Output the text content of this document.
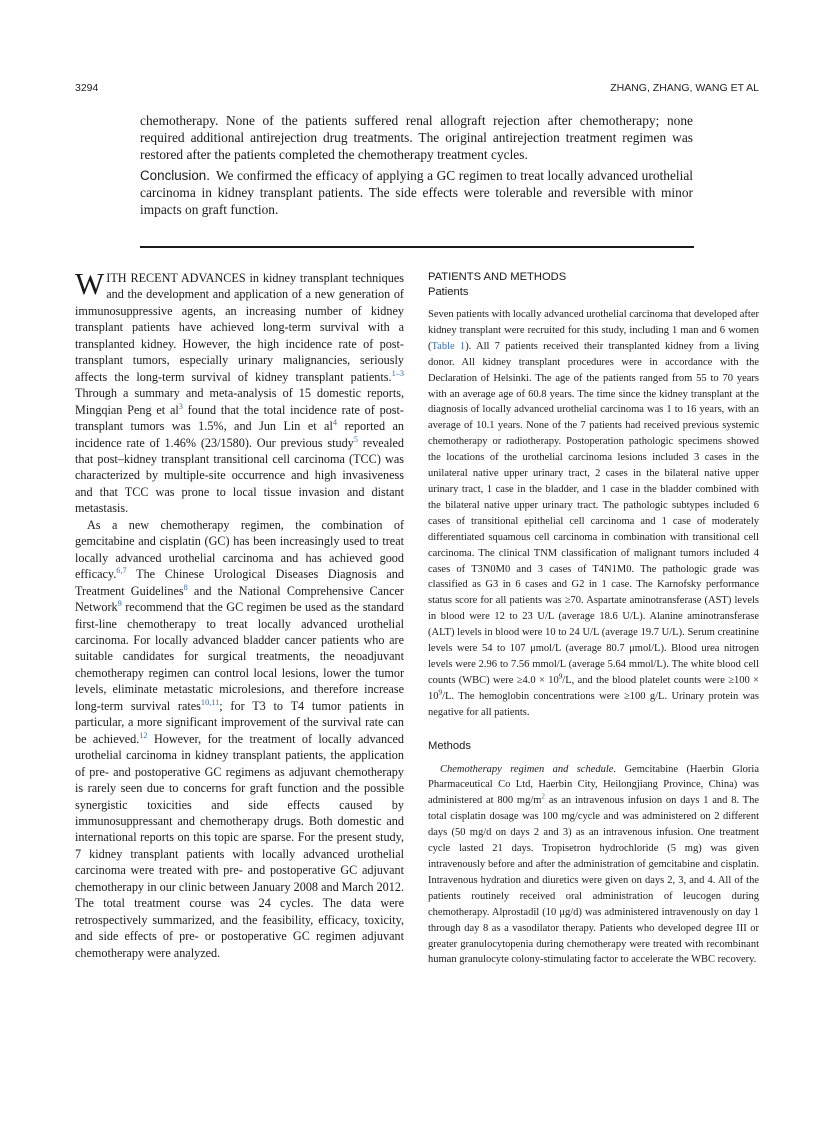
3294	ZHANG, ZHANG, WANG ET AL

chemotherapy. None of the patients suffered renal allograft rejection after chemotherapy; none required additional antirejection drug treatments. The original antirejection treatment regimen was restored after the patients completed the chemotherapy treatment cycles.

Conclusion. We confirmed the efficacy of applying a GC regimen to treat locally advanced urothelial carcinoma in kidney transplant patients. The side effects were tolerable and reversible with minor impacts on graft function.

WITH RECENT ADVANCES in kidney transplant techniques and the development and application of a new generation of immunosuppressive agents, an increasing number of kidney transplant patients have achieved long-term survival with a transplanted kidney. However, the high incidence rate of post-transplant tumors, especially urinary malignancies, seriously affects the long-term survival of kidney transplant patients.$^{1-3}$ Through a summary and meta-analysis of 15 domestic reports, Mingqian Peng et $al^3$ found that the total incidence rate of post-transplant tumors was 1.5%, and Jun Lin et $al^4$ reported an incidence rate of 1.46% (23/1580). Our previous study$^5$ revealed that post–kidney transplant transitional cell carcinoma (TCC) was characterized by multiple-site occurrence and high invasiveness and that TCC was prone to local tissue invasion and distant metastasis.

As a new chemotherapy regimen, the combination of gemcitabine and cisplatin (GC) has been increasingly used to treat locally advanced urothelial carcinoma and has achieved good efficacy.$^{6,7}$ The Chinese Urological Diseases Diagnosis and Treatment Guidelines$^8$ and the National Comprehensive Cancer Network$^9$ recommend that the GC regimen be used as the standard first-line chemotherapy to treat locally advanced urothelial carcinoma. For locally advanced bladder cancer patients who are suitable candidates for surgical treatments, the neoadjuvant chemotherapy regimen can control local lesions, lower the tumor levels, eliminate metastatic microlesions, and therefore increase long-term survival rates$^{10,11}$; for T3 to T4 tumor patients in particular, a more significant improvement of the survival rate can be achieved.$^{12}$ However, for the treatment of locally advanced urothelial carcinoma in kidney transplant patients, the application of pre- and postoperative GC regimens as adjuvant chemotherapy is rarely seen due to concerns for graft function and the possible synergistic toxicities and side effects caused by immunosuppressant and chemotherapy drugs. Both domestic and international reports on this topic are sparse. For the present study, 7 kidney transplant patients with locally advanced urothelial carcinoma were treated with pre- and postoperative GC adjuvant chemotherapy in our clinic between January 2008 and March 2012. The total treatment course was 24 cycles. The data were retrospectively summarized, and the feasibility, efficacy, toxicity, and side effects of pre- or postoperative GC regimen adjuvant chemotherapy were analyzed.

PATIENTS AND METHODS
Patients

Seven patients with locally advanced urothelial carcinoma that developed after kidney transplant were recruited for this study, including 1 man and 6 women (Table 1). All 7 patients received their transplanted kidney from a living donor. All kidney transplant procedures were in accordance with the Declaration of Helsinki. The age of the patients ranged from 55 to 70 years with an average age of 60.8 years. The time since the kidney transplant at the diagnosis of locally advanced urothelial carcinoma was 1 to 16 years, with an average of 10.1 years. None of the 7 patients had received previous systemic chemotherapy or radiotherapy. Postoperation pathologic specimens showed the locations of the urothelial carcinoma lesions included 3 cases in the unilateral native upper urinary tract, 2 cases in the bilateral native upper urinary tract, 1 case in the bladder, and 1 case in the bladder combined with the bilateral native upper urinary tract. The pathologic subtypes included 6 cases of transitional epithelial cell carcinoma and 1 case of moderately differentiated squamous cell carcinoma in combination with transitional cell carcinoma. The clinical TNM classification of malignant tumors included 4 cases of T3N0M0 and 3 cases of T4N1M0. The pathologic grade was classified as G3 in 6 cases and G2 in 1 case. The Karnofsky performance status score for all patients was ≥70. Aspartate aminotransferase (AST) levels in blood were 12 to 23 U/L (average 18.6 U/L). Alanine aminotransferase (ALT) levels in blood were 10 to 24 U/L (average 19.7 U/L). Serum creatinine levels were 54 to 107 μmol/L (average 80.7 μmol/L). Blood urea nitrogen levels were 2.96 to 7.56 mmol/L (average 5.64 mmol/L). The white blood cell counts (WBC) were $\ge 4.0 \times 10^9/L$, and the blood platelet counts were $\ge 100 \times 10^9/L$. The hemoglobin concentrations were ≥100 g/L. Urinary protein was negative for all patients.

Methods

Chemotherapy regimen and schedule. Gemcitabine (Haerbin Gloria Pharmaceutical Co Ltd, Haerbin City, Heilongjiang Province, China) was administered at 800 $mg/m^2$ as an intravenous infusion on days 1 and 8. The total cisplatin dosage was 100 mg/cycle and was administered on 2 different days (50 mg/d on days 2 and 3) as an intravenous infusion. One treatment cycle lasted 21 days. Tropisetron hydrochloride (5 mg) was given intravenously before and after the administration of gemcitabine and cisplatin. Intravenous hydration and diuretics were given on days 2, 3, and 4. All of the patients routinely received oral administration of leucogen during chemotherapy. Alprostadil (10 μg/d) was administered intravenously on day 1 through day 8 as a vasodilator therapy. Patients who developed degree III or greater granulocytopenia during chemotherapy were treated with recombinant human granulocyte colony-stimulating factor to accelerate the WBC recovery.
